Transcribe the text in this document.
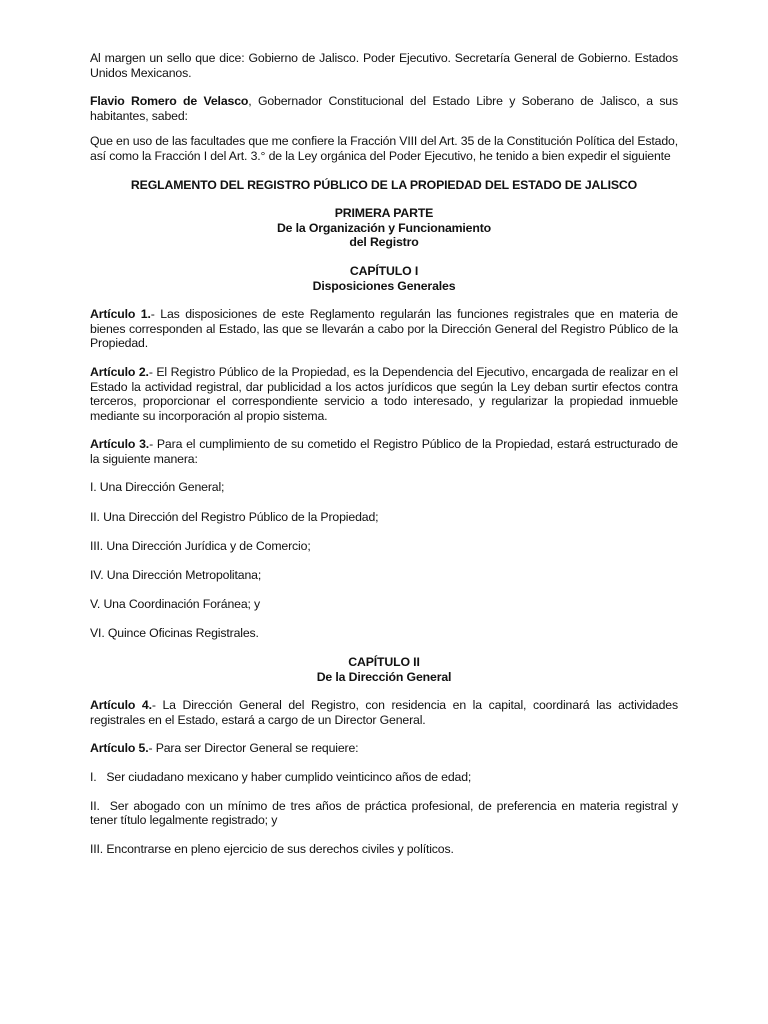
Al margen un sello que dice: Gobierno de Jalisco. Poder Ejecutivo. Secretaría General de Gobierno. Estados Unidos Mexicanos.

Flavio Romero de Velasco, Gobernador Constitucional del Estado Libre y Soberano de Jalisco, a sus habitantes, sabed:

Que en uso de las facultades que me confiere la Fracción VIII del Art. 35 de la Constitución Política del Estado, así como la Fracción I del Art. 3.° de la Ley orgánica del Poder Ejecutivo, he tenido a bien expedir el siguiente

REGLAMENTO DEL REGISTRO PÚBLICO DE LA PROPIEDAD DEL ESTADO DE JALISCO

PRIMERA PARTE

De la Organización y Funcionamiento

del Registro

CAPÍTULO I

Disposiciones Generales

Artículo 1.- Las disposiciones de este Reglamento regularán las funciones registrales que en materia de bienes corresponden al Estado, las que se llevarán a cabo por la Dirección General del Registro Público de la Propiedad.

Artículo 2.- El Registro Público de la Propiedad, es la Dependencia del Ejecutivo, encargada de realizar en el Estado la actividad registral, dar publicidad a los actos jurídicos que según la Ley deban surtir efectos contra terceros, proporcionar el correspondiente servicio a todo interesado, y regularizar la propiedad inmueble mediante su incorporación al propio sistema.

Artículo 3.- Para el cumplimiento de su cometido el Registro Público de la Propiedad, estará estructurado de la siguiente manera:

I. Una Dirección General;

II. Una Dirección del Registro Público de la Propiedad;

III. Una Dirección Jurídica y de Comercio;

IV. Una Dirección Metropolitana;

V. Una Coordinación Foránea; y

VI. Quince Oficinas Registrales.

CAPÍTULO II

De la Dirección General

Artículo 4.- La Dirección General del Registro, con residencia en la capital, coordinará las actividades registrales en el Estado, estará a cargo de un Director General.

Artículo 5.- Para ser Director General se requiere:

I.   Ser ciudadano mexicano y haber cumplido veinticinco años de edad;

II.  Ser abogado con un mínimo de tres años de práctica profesional, de preferencia en materia registral y tener título legalmente registrado; y

III. Encontrarse en pleno ejercicio de sus derechos civiles y políticos.
